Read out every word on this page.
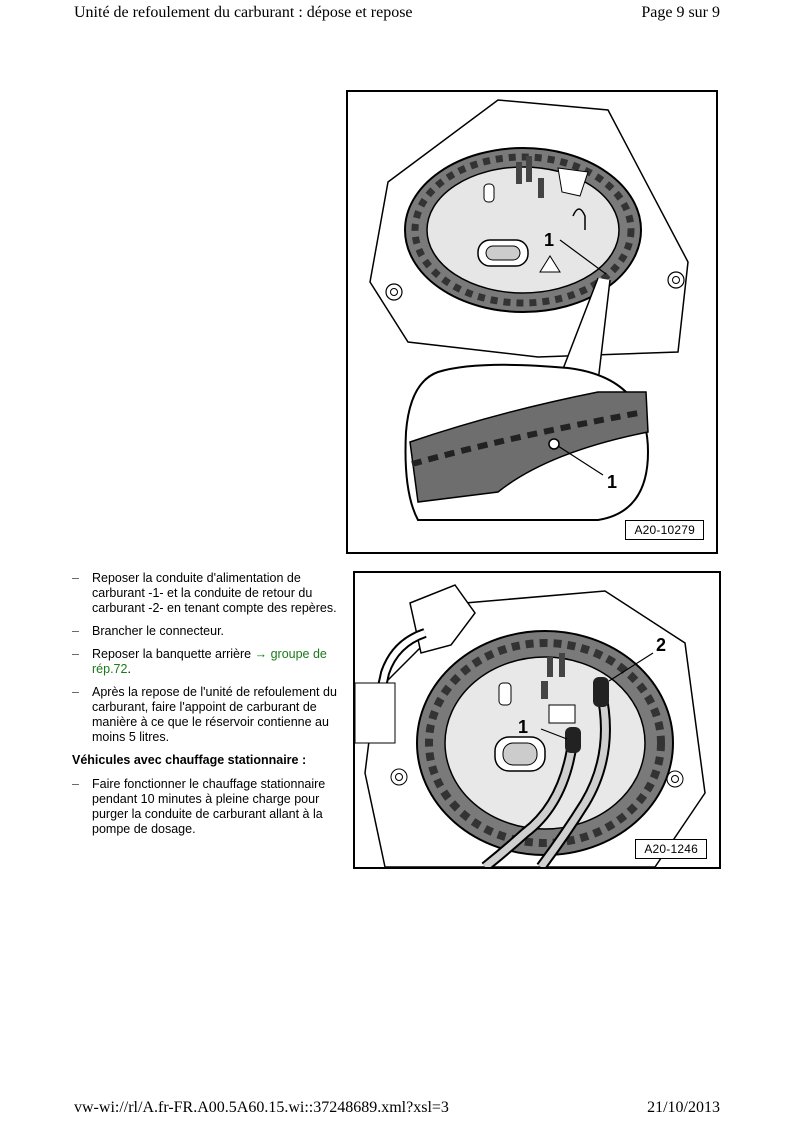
Unité de refoulement du carburant : dépose et repose	Page 9 sur 9
1
1
A20-10279
–	Reposer la conduite d'alimentation de carburant -1- et la conduite de retour du carburant -2- en tenant compte des repères.
–	Brancher le connecteur.
–	Reposer la banquette arrière → groupe de rép.72.
–	Après la repose de l'unité de refoulement du carburant, faire l'appoint de carburant de manière à ce que le réservoir contienne au moins 5 litres.
Véhicules avec chauffage stationnaire :
–	Faire fonctionner le chauffage stationnaire pendant 10 minutes à pleine charge pour purger la conduite de carburant allant à la pompe de dosage.
1
2
A20-1246
vw-wi://rl/A.fr-FR.A00.5A60.15.wi::37248689.xml?xsl=3	21/10/2013
